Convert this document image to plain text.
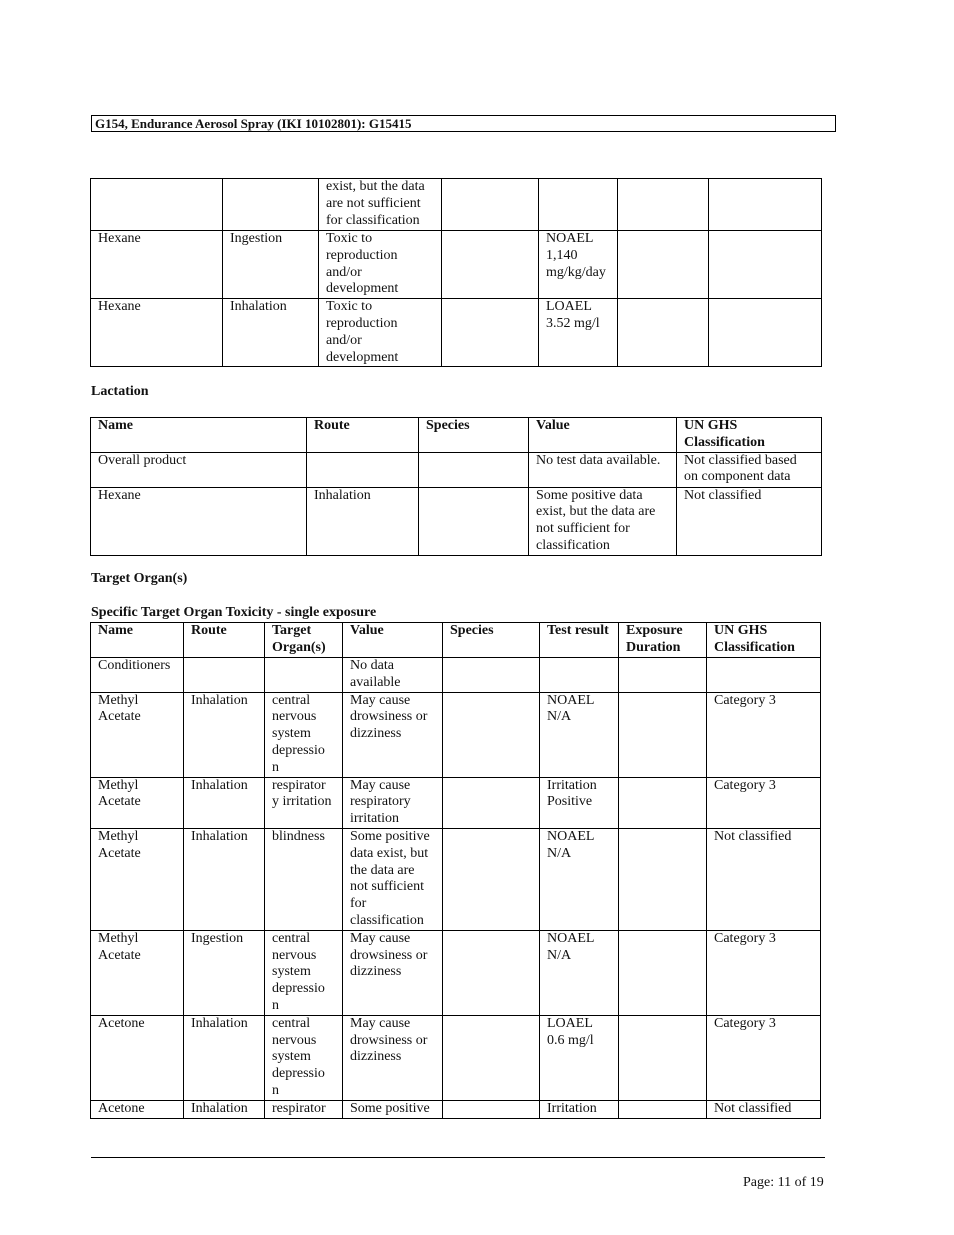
G154, Endurance Aerosol Spray (IKI 10102801): G15415
		exist, but the data are not sufficient for classification				
Hexane	Ingestion	Toxic to reproduction and/or development		NOAEL 1,140 mg/kg/day		
Hexane	Inhalation	Toxic to reproduction and/or development		LOAEL 3.52 mg/l		
Lactation
Name	Route	Species	Value	UN GHS Classification
Overall product			No test data available.	Not classified based on component data
Hexane	Inhalation		Some positive data exist, but the data are not sufficient for classification	Not classified
Target Organ(s)
Specific Target Organ Toxicity - single exposure
Name	Route	Target Organ(s)	Value	Species	Test result	Exposure Duration	UN GHS Classification
Conditioners			No data available				
Methyl Acetate	Inhalation	central nervous system depressio n	May cause drowsiness or dizziness		NOAEL N/A		Category 3
Methyl Acetate	Inhalation	respirator y irritation	May cause respiratory irritation		Irritation Positive		Category 3
Methyl Acetate	Inhalation	blindness	Some positive data exist, but the data are not sufficient for classification		NOAEL N/A		Not classified
Methyl Acetate	Ingestion	central nervous system depressio n	May cause drowsiness or dizziness		NOAEL N/A		Category 3
Acetone	Inhalation	central nervous system depressio n	May cause drowsiness or dizziness		LOAEL 0.6 mg/l		Category 3
Acetone	Inhalation	respirator	Some positive		Irritation		Not classified
Page: 11 of 19
